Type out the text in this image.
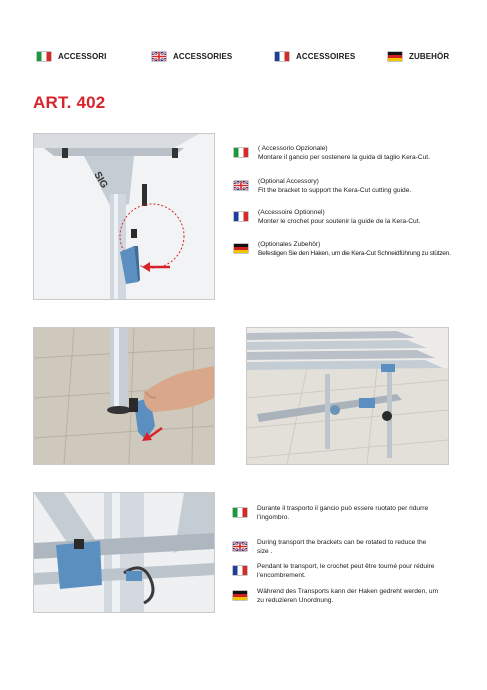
ACCESSORI	ACCESSORIES	ACCESSOIRES	ZUBEHÖR
ART. 402
SIG
( Accessorio Opzionale)
Montare il gancio per sostenere la guida di taglio Kera-Cut.
(Optional Accessory)
Fit the bracket to support the Kera-Cut cutting guide.
(Accessoire Optionnel)
Monter le crochet pour soutenir la guide de la Kera-Cut.
(Optionales Zubehör)
Befestigen Sie den Haken, um die Kera-Cut Schneidführung zu stützen.
Durante il trasporto il gancio può essere ruotato per ridurre
l’ingombro.
During transport the brackets can be rotated to reduce the
size .
Pendant le transport, le crochet peut être tourné pour réduire
l’encombrement.
Während des Transports kann der Haken gedreht werden, um
zu reduzieren Unordnung.
